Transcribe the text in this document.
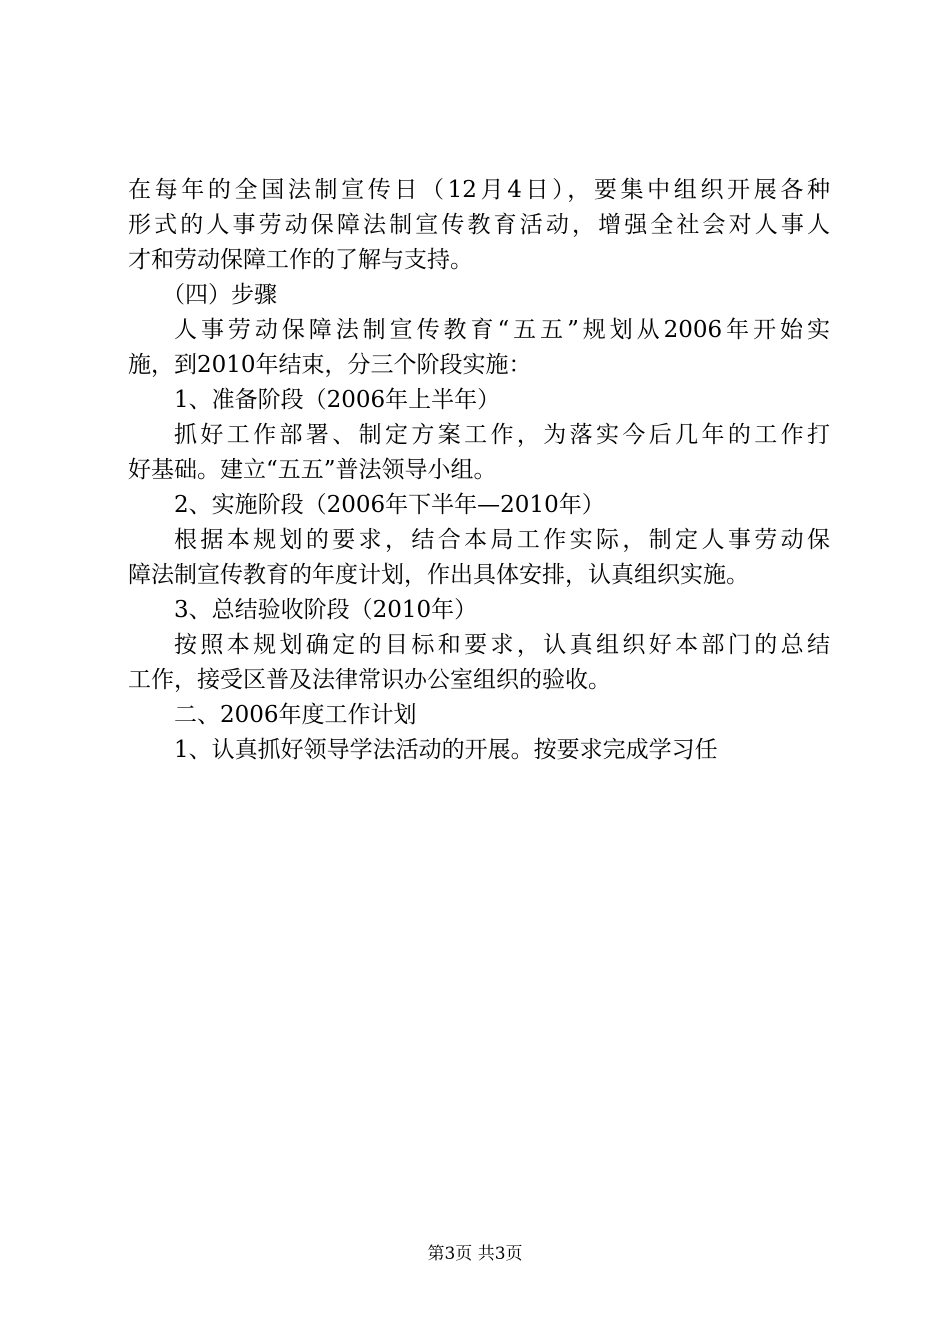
在每年的全国法制宣传日（12月4日），要集中组织开展各种
形式的人事劳动保障法制宣传教育活动，增强全社会对人事人
才和劳动保障工作的了解与支持。
（四）步骤
人事劳动保障法制宣传教育“五五”规划从2006年开始实
施，到2010年结束，分三个阶段实施：
1、准备阶段（2006年上半年）
抓好工作部署、制定方案工作，为落实今后几年的工作打
好基础。建立“五五”普法领导小组。
2、实施阶段（2006年下半年—2010年）
根据本规划的要求，结合本局工作实际，制定人事劳动保
障法制宣传教育的年度计划，作出具体安排，认真组织实施。
3、总结验收阶段（2010年）
按照本规划确定的目标和要求，认真组织好本部门的总结
工作，接受区普及法律常识办公室组织的验收。
二、2006年度工作计划
1、认真抓好领导学法活动的开展。按要求完成学习任
第3页 共3页
